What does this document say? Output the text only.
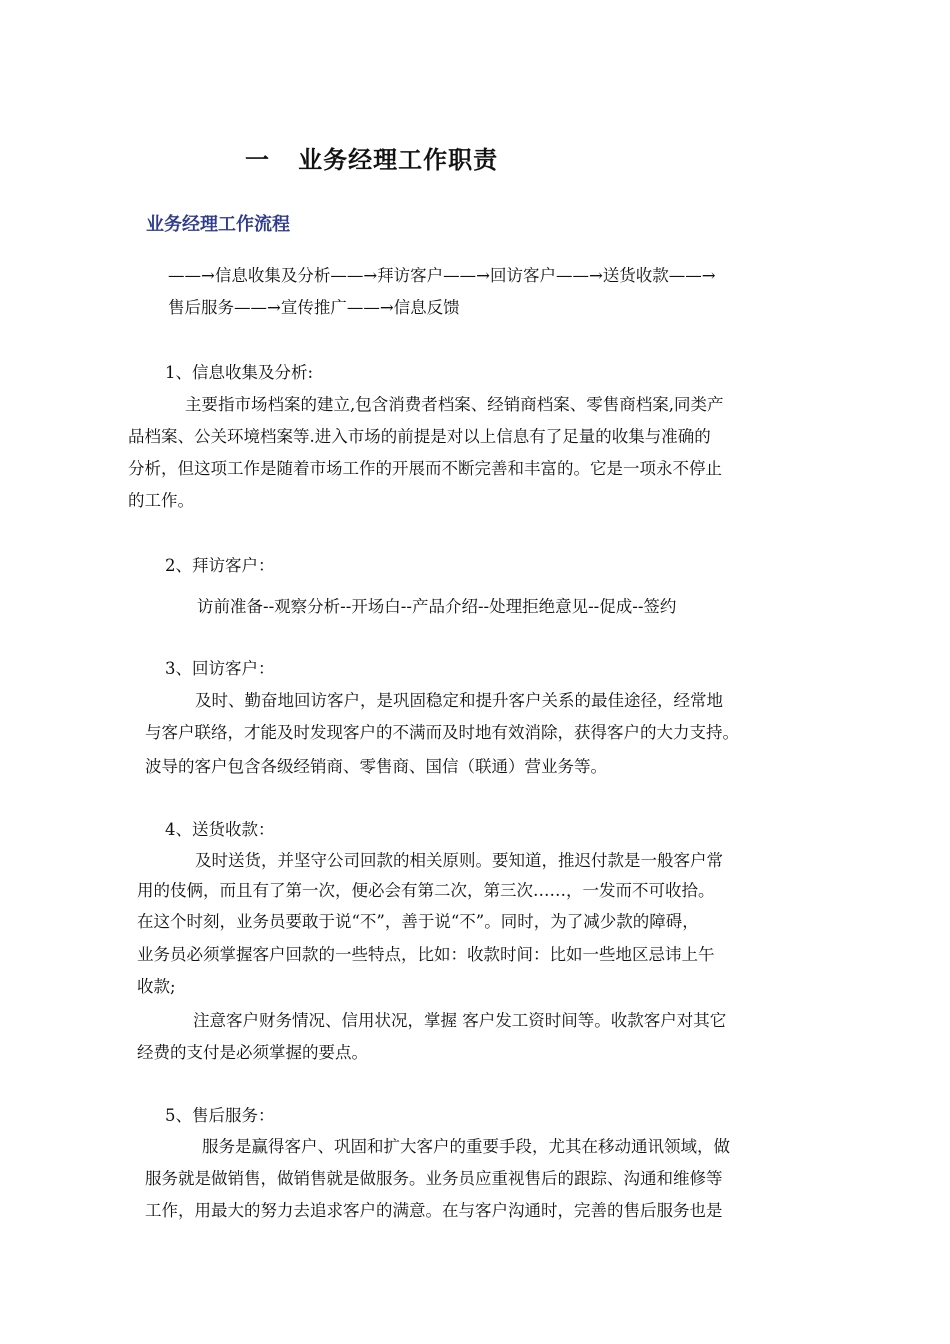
一   业务经理工作职责
业务经理工作流程
——→信息收集及分析——→拜访客户——→回访客户——→送货收款——→
售后服务——→宣传推广——→信息反馈
1、信息收集及分析:
主要指市场档案的建立,包含消费者档案、经销商档案、零售商档案,同类产
品档案、公关环境档案等.进入市场的前提是对以上信息有了足量的收集与准确的
分析，但这项工作是随着市场工作的开展而不断完善和丰富的。它是一项永不停止
的工作。
2、拜访客户：
访前准备--观察分析--开场白--产品介绍--处理拒绝意见--促成--签约
3、回访客户：
及时、勤奋地回访客户，是巩固稳定和提升客户关系的最佳途径，经常地
与客户联络，才能及时发现客户的不满而及时地有效消除，获得客户的大力支持。
波导的客户包含各级经销商、零售商、国信（联通）营业务等。
4、送货收款：
及时送货，并坚守公司回款的相关原则。要知道，推迟付款是一般客户常
用的伎俩，而且有了第一次，便必会有第二次，第三次……，一发而不可收拾。
在这个时刻，业务员要敢于说“不”，善于说“不”。同时，为了减少款的障碍，
业务员必须掌握客户回款的一些特点，比如：收款时间：比如一些地区忌讳上午
收款;
注意客户财务情况、信用状况，掌握 客户发工资时间等。收款客户对其它
经费的支付是必须掌握的要点。
5、售后服务：
服务是赢得客户、巩固和扩大客户的重要手段，尤其在移动通讯领域，做
服务就是做销售，做销售就是做服务。业务员应重视售后的跟踪、沟通和维修等
工作，用最大的努力去追求客户的满意。在与客户沟通时，完善的售后服务也是
